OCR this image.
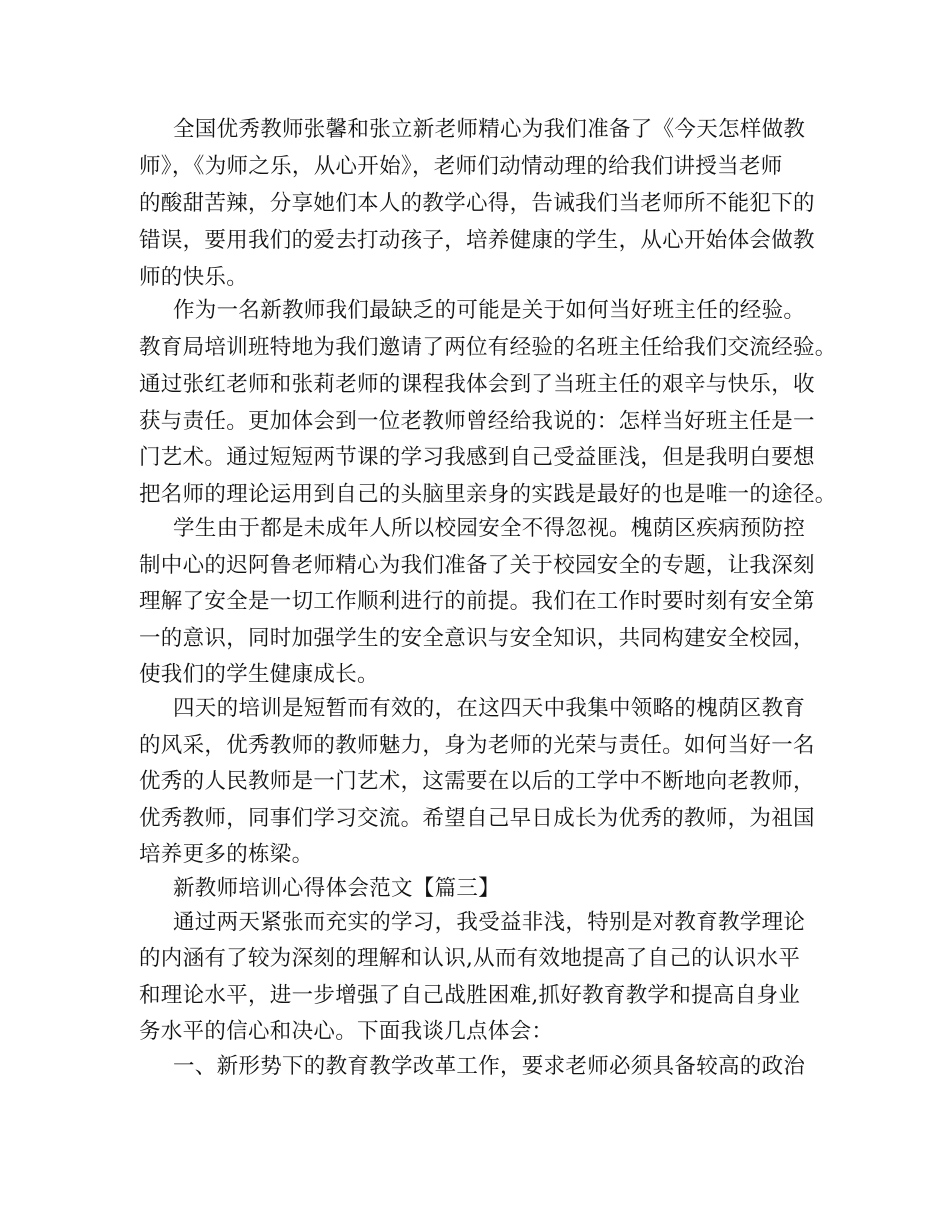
全国优秀教师张馨和张立新老师精心为我们准备了《今天怎样做教
师》，《为师之乐，从心开始》，老师们动情动理的给我们讲授当老师
的酸甜苦辣，分享她们本人的教学心得，告诫我们当老师所不能犯下的
错误，要用我们的爱去打动孩子，培养健康的学生，从心开始体会做教
师的快乐。
作为一名新教师我们最缺乏的可能是关于如何当好班主任的经验。
教育局培训班特地为我们邀请了两位有经验的名班主任给我们交流经验。
通过张红老师和张莉老师的课程我体会到了当班主任的艰辛与快乐，收
获与责任。更加体会到一位老教师曾经给我说的：怎样当好班主任是一
门艺术。通过短短两节课的学习我感到自己受益匪浅，但是我明白要想
把名师的理论运用到自己的头脑里亲身的实践是最好的也是唯一的途径。
学生由于都是未成年人所以校园安全不得忽视。槐荫区疾病预防控
制中心的迟阿鲁老师精心为我们准备了关于校园安全的专题，让我深刻
理解了安全是一切工作顺利进行的前提。我们在工作时要时刻有安全第
一的意识，同时加强学生的安全意识与安全知识，共同构建安全校园，
使我们的学生健康成长。
四天的培训是短暂而有效的，在这四天中我集中领略的槐荫区教育
的风采，优秀教师的教师魅力，身为老师的光荣与责任。如何当好一名
优秀的人民教师是一门艺术，这需要在以后的工学中不断地向老教师，
优秀教师，同事们学习交流。希望自己早日成长为优秀的教师，为祖国
培养更多的栋梁。
新教师培训心得体会范文【篇三】
通过两天紧张而充实的学习，我受益非浅，特别是对教育教学理论
的内涵有了较为深刻的理解和认识,从而有效地提高了自己的认识水平
和理论水平，进一步增强了自己战胜困难,抓好教育教学和提高自身业
务水平的信心和决心。下面我谈几点体会：
一、新形势下的教育教学改革工作，要求老师必须具备较高的政治
